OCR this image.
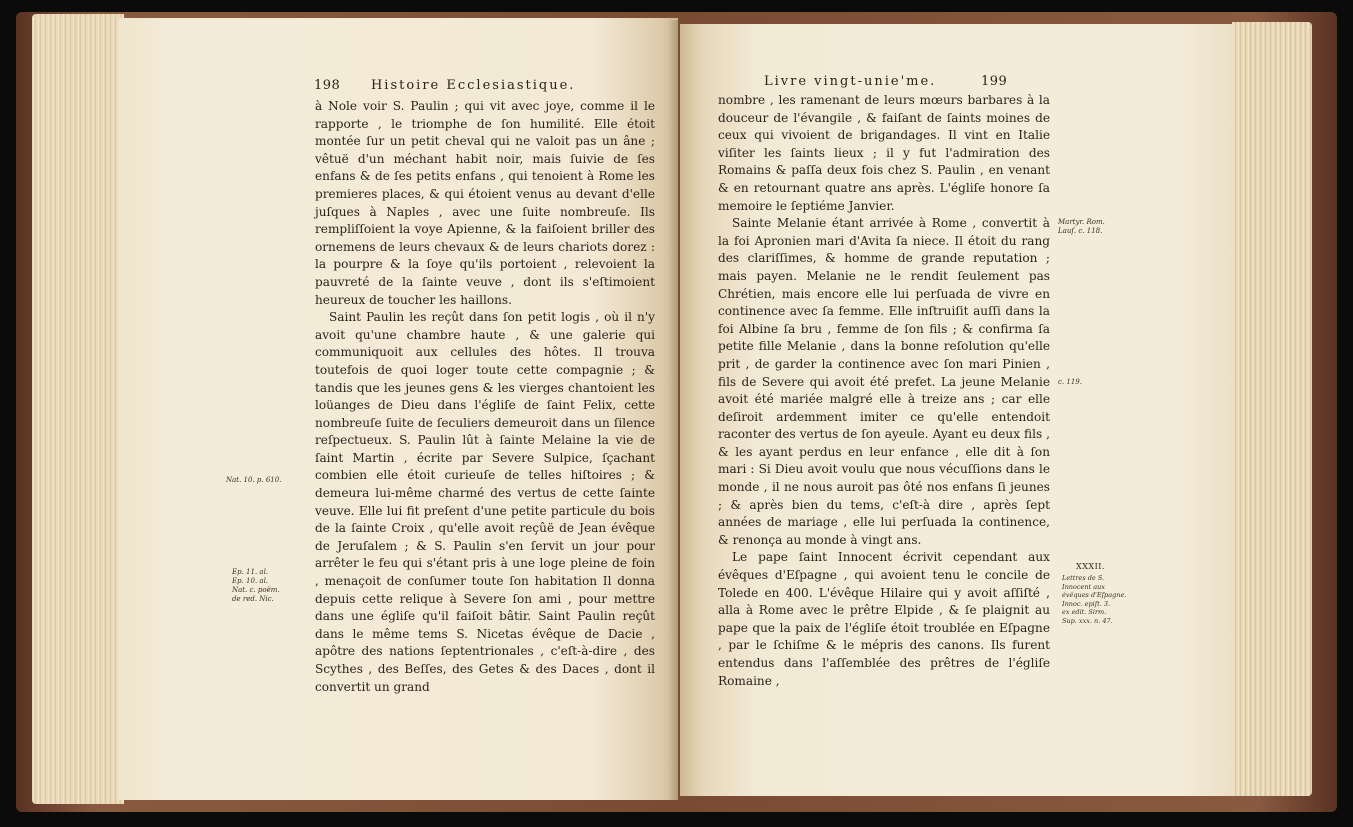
198 Histoire Ecclesiastique.

à Nole voir S. Paulin ; qui vit avec joye, comme il le rapporte , le triomphe de ſon humilité. Elle étoit montée ſur un petit cheval qui ne valoit pas un âne ; vêtuë d'un méchant habit noir, mais ſuivie de ſes enfans & de ſes petits enfans , qui tenoient à Rome les premieres places, & qui étoient venus au devant d'elle juſques à Naples , avec une ſuite nombreuſe. Ils rempliſſoient la voye Apienne, & la faiſoient briller des ornemens de leurs chevaux & de leurs chariots dorez : la pourpre & la ſoye qu'ils portoient , relevoient la pauvreté de la ſainte veuve , dont ils s'eſtimoient heureux de toucher les haillons.

Saint Paulin les reçût dans ſon petit logis , où il n'y avoit qu'une chambre haute , & une galerie qui communiquoit aux cellules des hôtes. Il trouva toutefois de quoi loger toute cette compagnie ; & tandis que les jeunes gens & les vierges chantoient les loüanges de Dieu dans l'égliſe de ſaint Felix, cette nombreuſe ſuite de ſeculiers demeuroit dans un ſilence reſpectueux. S. Paulin lût à ſainte Melaine la vie de ſaint Martin , écrite par Severe Sulpice, ſçachant combien elle étoit curieuſe de telles hiſtoires ; & demeura lui-même charmé des vertus de cette ſainte veuve. Elle lui fit preſent d'une petite particule du bois de la ſainte Croix , qu'elle avoit reçûë de Jean évêque de Jeruſalem ; & S. Paulin s'en ſervit un jour pour arrêter le feu qui s'étant pris à une loge pleine de foin , menaçoit de conſumer toute ſon habitation Il donna depuis cette relique à Severe ſon ami , pour mettre dans une égliſe qu'il faiſoit bâtir. Saint Paulin reçût dans le même tems S. Nicetas évêque de Dacie , apôtre des nations ſeptentrionales , c'eſt-à-dire , des Scythes , des Beſſes, des Getes & des Daces , dont il convertit un grand

Nat. 10. p. 610.
Ep. 11. al.
Ep. 10. al.
Nat. c. poëm.
de red. Nic.
Livre vingt-unie'me.	199

nombre , les ramenant de leurs mœurs barbares à la douceur de l'évangile , & faiſant de ſaints moines de ceux qui vivoient de brigandages. Il vint en Italie viſiter les ſaints lieux ; il y fut l'admiration des Romains & paſſa deux fois chez S. Paulin , en venant & en retournant quatre ans après. L'égliſe honore ſa memoire le ſeptiéme Janvier.

Sainte Melanie étant arrivée à Rome , convertit à la foi Apronien mari d'Avita ſa niece. Il étoit du rang des clariſſimes, & homme de grande reputation ; mais payen. Melanie ne le rendit ſeulement pas Chrétien, mais encore elle lui perſuada de vivre en continence avec ſa femme. Elle inſtruiſit auſſi dans la foi Albine ſa bru , femme de ſon fils ; & confirma ſa petite fille Melanie , dans la bonne reſolution qu'elle prit , de garder la continence avec ſon mari Pinien , fils de Severe qui avoit été prefet. La jeune Melanie avoit été mariée malgré elle à treize ans ; car elle deſiroit ardemment imiter ce qu'elle entendoit raconter des vertus de ſon ayeule. Ayant eu deux fils , & les ayant perdus en leur enfance , elle dit à ſon mari : Si Dieu avoit voulu que nous vécuſſions dans le monde , il ne nous auroit pas ôté nos enfans ſi jeunes ; & après bien du tems, c'eſt-à dire , après ſept années de mariage , elle lui perſuada la continence, & renonça au monde à vingt ans.

Le pape ſaint Innocent écrivit cependant aux évêques d'Eſpagne , qui avoient tenu le concile de Tolede en 400. L'évêque Hilaire qui y avoit aſſiſté , alla à Rome avec le prêtre Elpide , & ſe plaignit au pape que la paix de l'égliſe étoit troublée en Eſpagne , par le ſchiſme & le mépris des canons. Ils furent entendus dans l'aſſemblée des prêtres de l'égliſe Romaine ,

Martyr. Rom.
Lauſ. c. 118.
c. 119.
XXXII.
Lettres de S. Innocent aux évêques d'Eſpagne.
Innoc. epiſt. 3.
ex edit. Sirm.
Sup. xxx. n. 47.
